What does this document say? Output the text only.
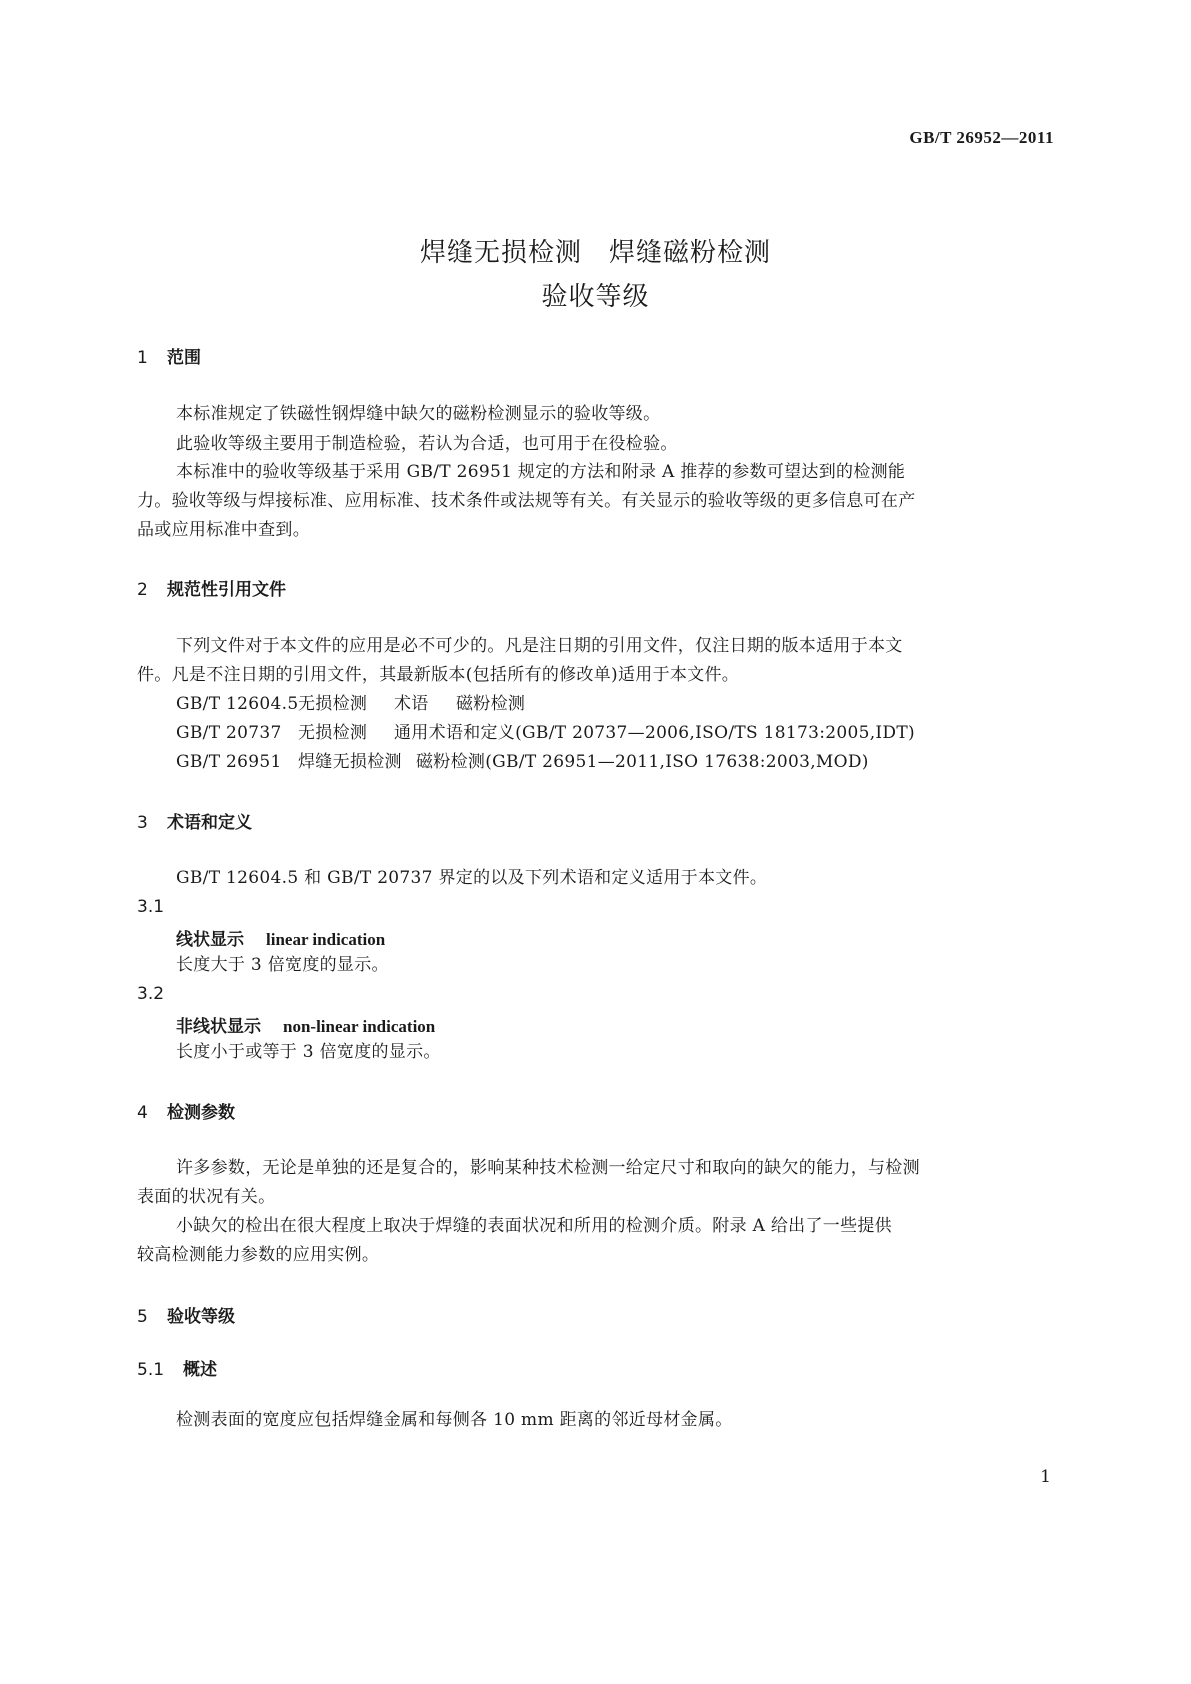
GB/T 26952—2011
焊缝无损检测　焊缝磁粉检测
验收等级
1 范围
本标准规定了铁磁性钢焊缝中缺欠的磁粉检测显示的验收等级。
此验收等级主要用于制造检验，若认为合适，也可用于在役检验。
本标准中的验收等级基于采用 GB/T 26951 规定的方法和附录 A 推荐的参数可望达到的检测能
力。验收等级与焊接标准、应用标准、技术条件或法规等有关。有关显示的验收等级的更多信息可在产
品或应用标准中查到。
2 规范性引用文件
下列文件对于本文件的应用是必不可少的。凡是注日期的引用文件，仅注日期的版本适用于本文
件。凡是不注日期的引用文件，其最新版本(包括所有的修改单)适用于本文件。
GB/T 12604.5无损检测 术语 磁粉检测
GB/T 20737 无损检测 通用术语和定义(GB/T 20737—2006,ISO/TS 18173:2005,IDT)
GB/T 26951 焊缝无损检测 磁粉检测(GB/T 26951—2011,ISO 17638:2003,MOD)
3 术语和定义
GB/T 12604.5 和 GB/T 20737 界定的以及下列术语和定义适用于本文件。
3.1
线状显示 linear indication
长度大于 3 倍宽度的显示。
3.2
非线状显示 non-linear indication
长度小于或等于 3 倍宽度的显示。
4 检测参数
许多参数，无论是单独的还是复合的，影响某种技术检测一给定尺寸和取向的缺欠的能力，与检测
表面的状况有关。
小缺欠的检出在很大程度上取决于焊缝的表面状况和所用的检测介质。附录 A 给出了一些提供
较高检测能力参数的应用实例。
5 验收等级
5.1 概述
检测表面的宽度应包括焊缝金属和每侧各 10 mm 距离的邻近母材金属。
1
